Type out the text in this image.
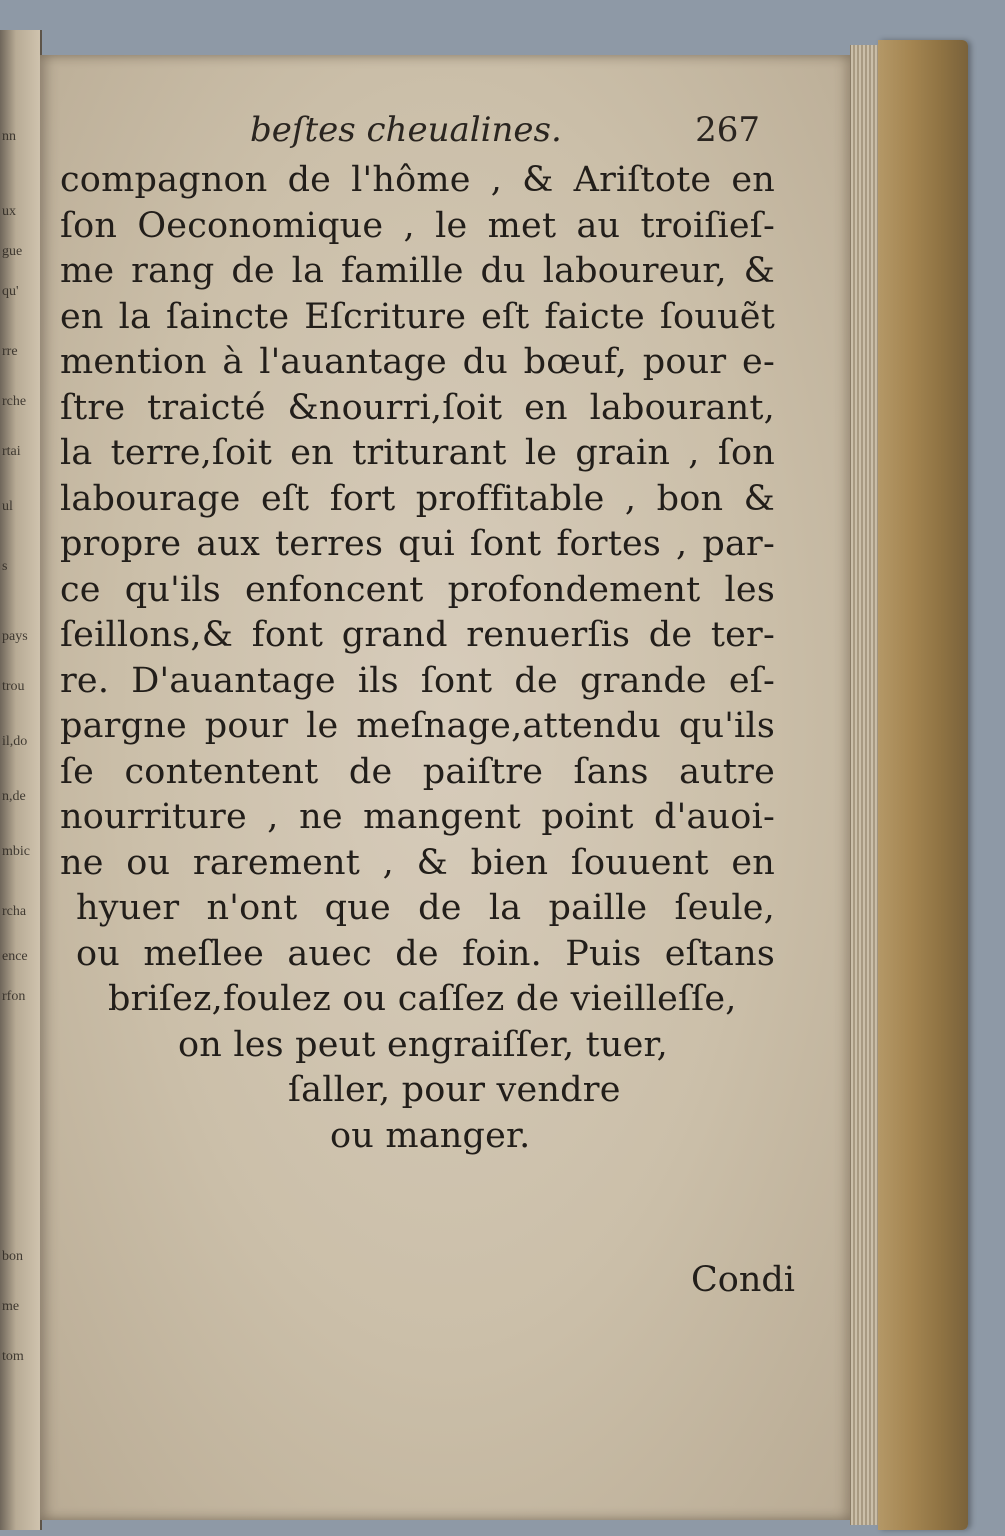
nn
ux
gue
qu'
rre
rche
rtai
ul
s
pays
trou
il,do
n,de
mbic
rcha
ence
rfon
bon
me
tom
beſtes cheualines.	267
compagnon de l'hôme , & Ariſtote en
ſon Oeconomique , le met au troiſieſ-
me rang de la famille du laboureur, &
en la ſaincte Eſcriture eſt faicte ſouuẽt
mention à l'auantage du bœuf, pour e-
ſtre traicté &nourri,ſoit en labourant,
la terre,ſoit en triturant le grain , ſon
labourage eſt fort proffitable , bon &
propre aux terres qui ſont fortes , par-
ce qu'ils enfoncent profondement les
ſeillons,& font grand renuerſis de ter-
re. D'auantage ils ſont de grande eſ-
pargne pour le meſnage,attendu qu'ils
ſe contentent de paiſtre ſans autre
nourriture , ne mangent point d'auoi-
ne ou rarement , & bien ſouuent en
hyuer n'ont que de la paille ſeule,
ou meſlee auec de foin. Puis eſtans
briſez,foulez ou caſſez de vieilleſſe,
on les peut engraiſſer, tuer,
ſaller, pour vendre
ou manger.
Condi
